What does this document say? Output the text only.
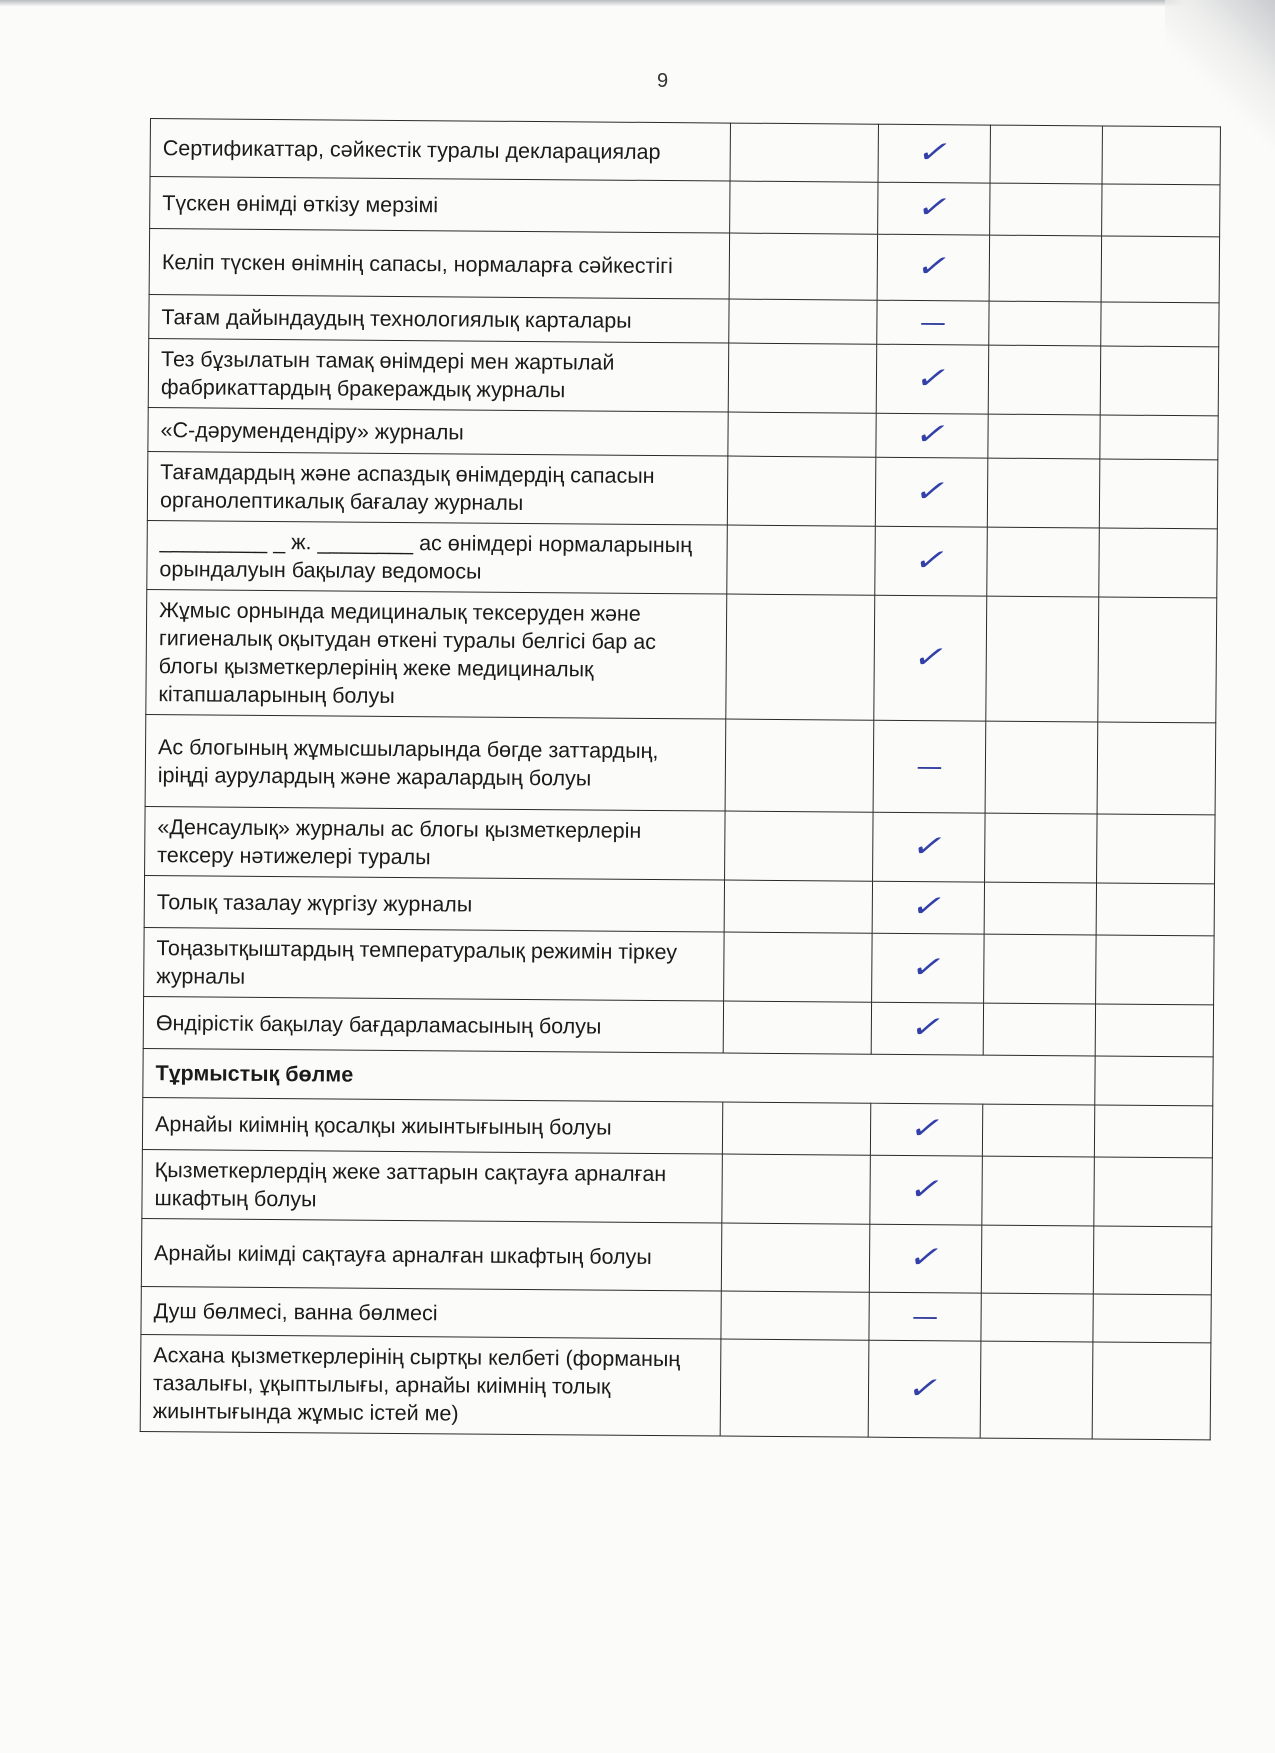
9
Сертификаттар, сәйкестік туралы декларациялар		✓		
Түскен өнімді өткізу мерзімі		✓		
Келіп түскен өнімнің сапасы, нормаларға сәйкестігі		✓		
Тағам дайындаудың технологиялық карталары		—		
Тез бұзылатын тамақ өнімдері мен жартылай фабрикаттардың бракераждық журналы		✓		
«С-дәрумендендіру» журналы		✓		
Тағамдардың және аспаздық өнімдердің сапасын органолептикалық бағалау журналы		✓		
_________ _ ж. ________ ас өнімдері нормаларының орындалуын бақылау ведомосы		✓		
Жұмыс орнында медициналық тексеруден және гигиеналық оқытудан өткені туралы белгісі бар ас блогы қызметкерлерінің жеке медициналық кітапшаларының болуы		✓		
Ас блогының жұмысшыларында бөгде заттардың, іріңді аурулардың және жаралардың болуы		—		
«Денсаулық» журналы ас блогы қызметкерлерін тексеру нәтижелері туралы		✓		
Толық тазалау жүргізу журналы		✓		
Тоңазытқыштардың температуралық режимін тіркеу журналы		✓		
Өндірістік бақылау бағдарламасының болуы		✓		
Тұрмыстық бөлме				
Арнайы киімнің қосалқы жиынтығының болуы		✓		
Қызметкерлердің жеке заттарын сақтауға арналған шкафтың болуы		✓		
Арнайы киімді сақтауға арналған шкафтың болуы		✓		
Душ бөлмесі, ванна бөлмесі		—		
Асхана қызметкерлерінің сыртқы келбеті (форманың тазалығы, ұқыптылығы, арнайы киімнің толық жиынтығында жұмыс істей ме)		✓		
